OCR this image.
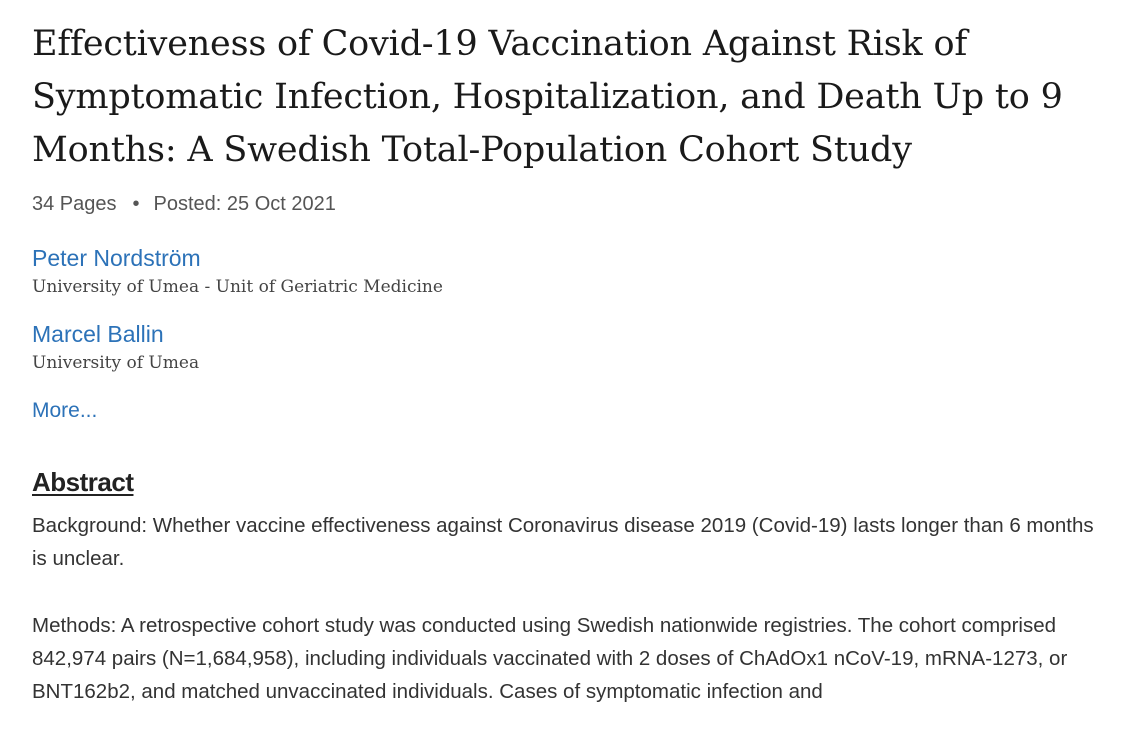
Effectiveness of Covid-19 Vaccination Against Risk of Symptomatic Infection, Hospitalization, and Death Up to 9 Months: A Swedish Total-Population Cohort Study
34 Pages • Posted: 25 Oct 2021
Peter Nordström
University of Umea - Unit of Geriatric Medicine
Marcel Ballin
University of Umea
More...
Abstract

Background: Whether vaccine effectiveness against Coronavirus disease 2019 (Covid-19) lasts longer than 6 months is unclear.

Methods: A retrospective cohort study was conducted using Swedish nationwide registries. The cohort comprised 842,974 pairs (N=1,684,958), including individuals vaccinated with 2 doses of ChAdOx1 nCoV-19, mRNA-1273, or BNT162b2, and matched unvaccinated individuals. Cases of symptomatic infection and
